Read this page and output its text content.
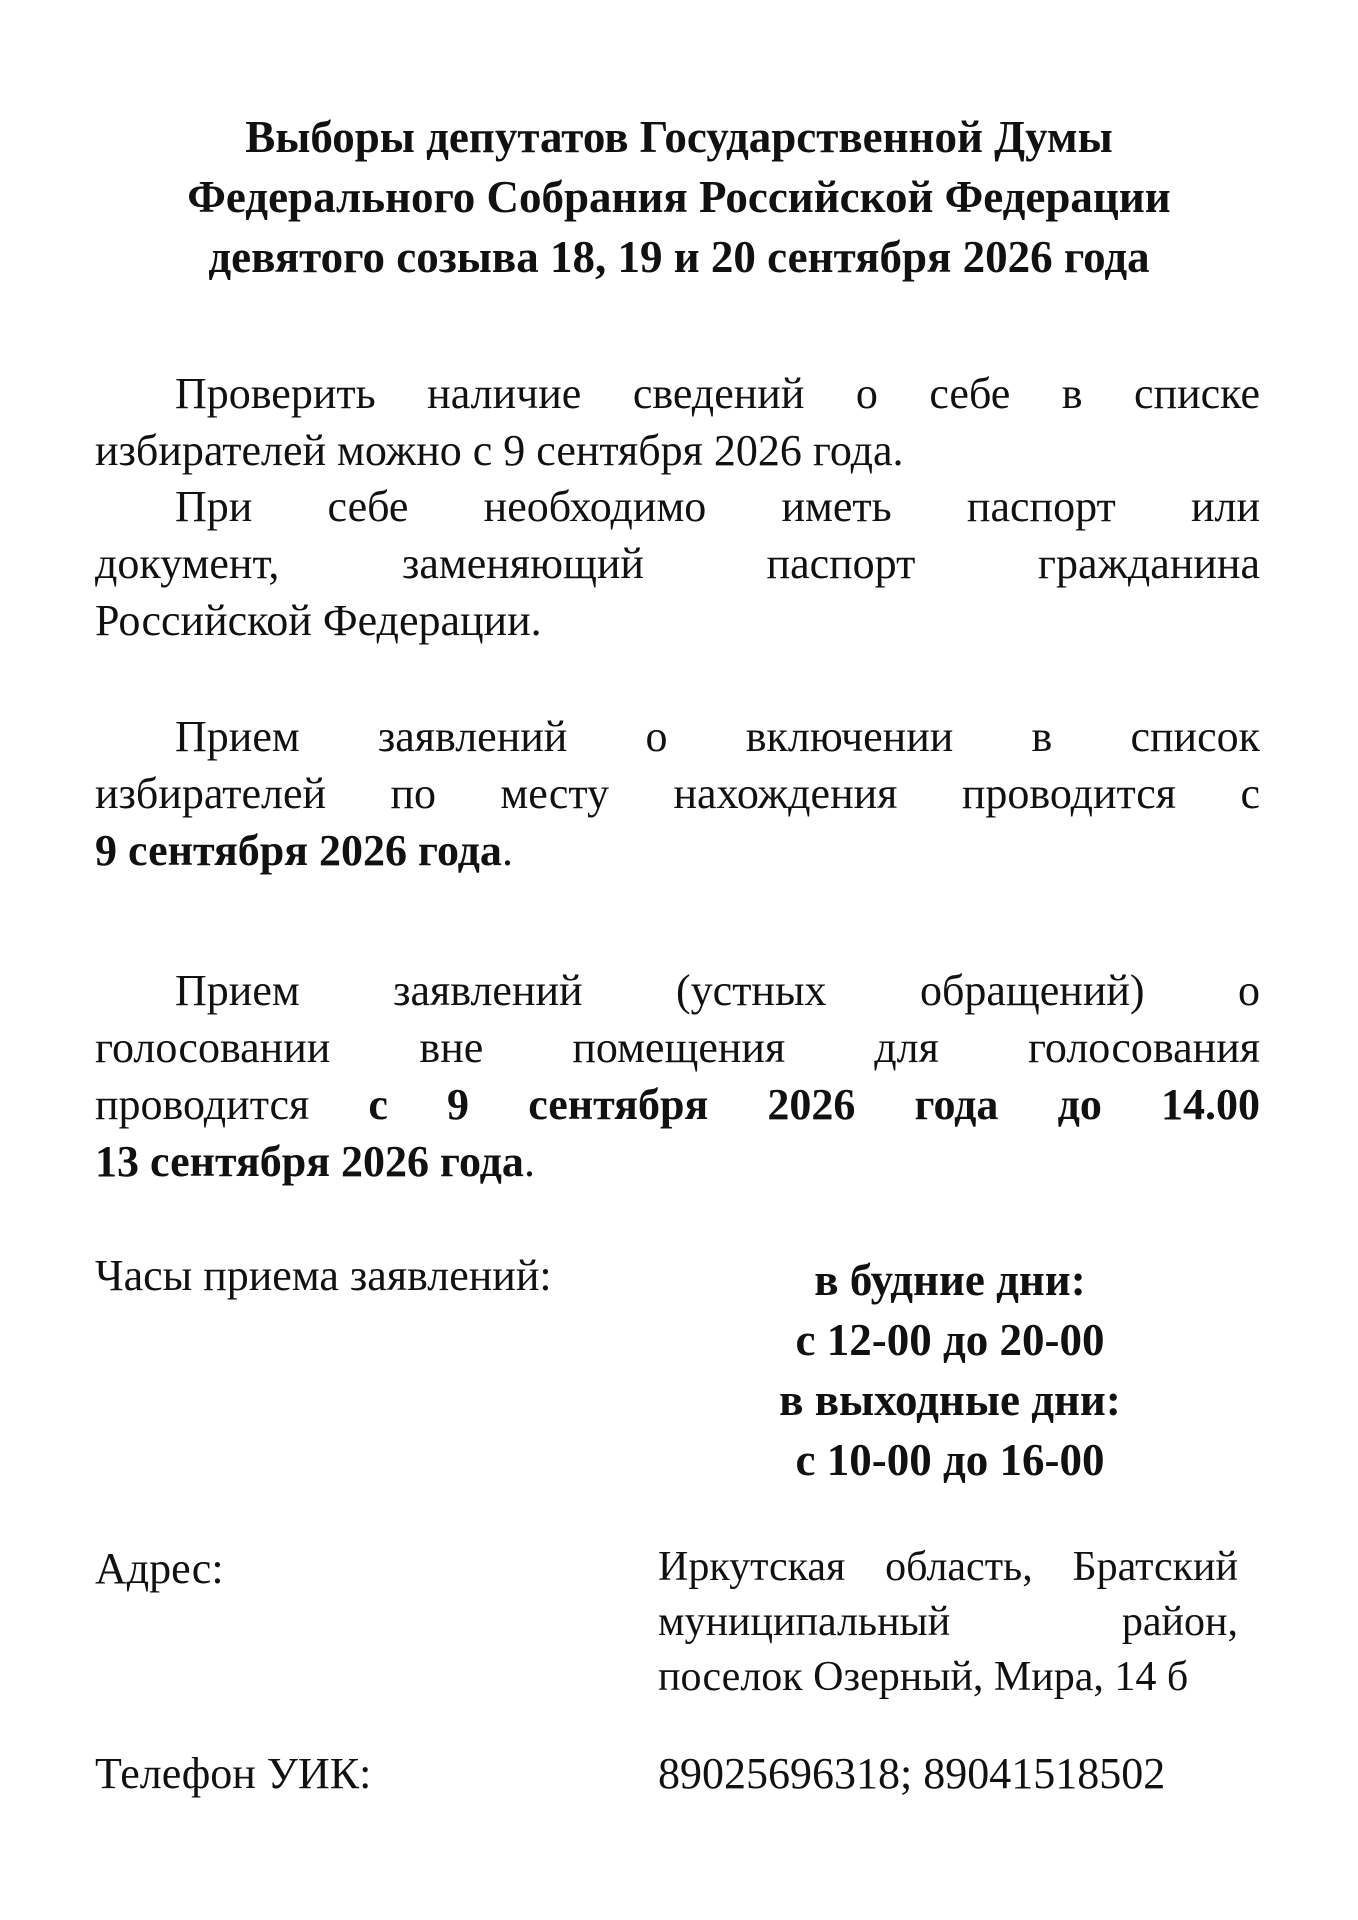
Выборы депутатов Государственной Думы
Федерального Собрания Российской Федерации
девятого созыва 18, 19 и 20 сентября 2026 года
Проверить наличие сведений о себе в списке
избирателей можно с 9 сентября 2026 года.
При себе необходимо иметь паспорт или
документ, заменяющий паспорт гражданина
Российской Федерации.
Прием заявлений о включении в список
избирателей по месту нахождения проводится с
9 сентября 2026 года.
Прием заявлений (устных обращений) о
голосовании вне помещения для голосования
проводится с 9 сентября 2026 года до 14.00
13 сентября 2026 года.
Часы приема заявлений:	в будние дни:
с 12-00 до 20-00
в выходные дни:
с 10-00 до 16-00
Адрес:	Иркутская область, Братский
муниципальный район,
поселок Озерный, Мира, 14 б
Телефон УИК:	89025696318; 89041518502
